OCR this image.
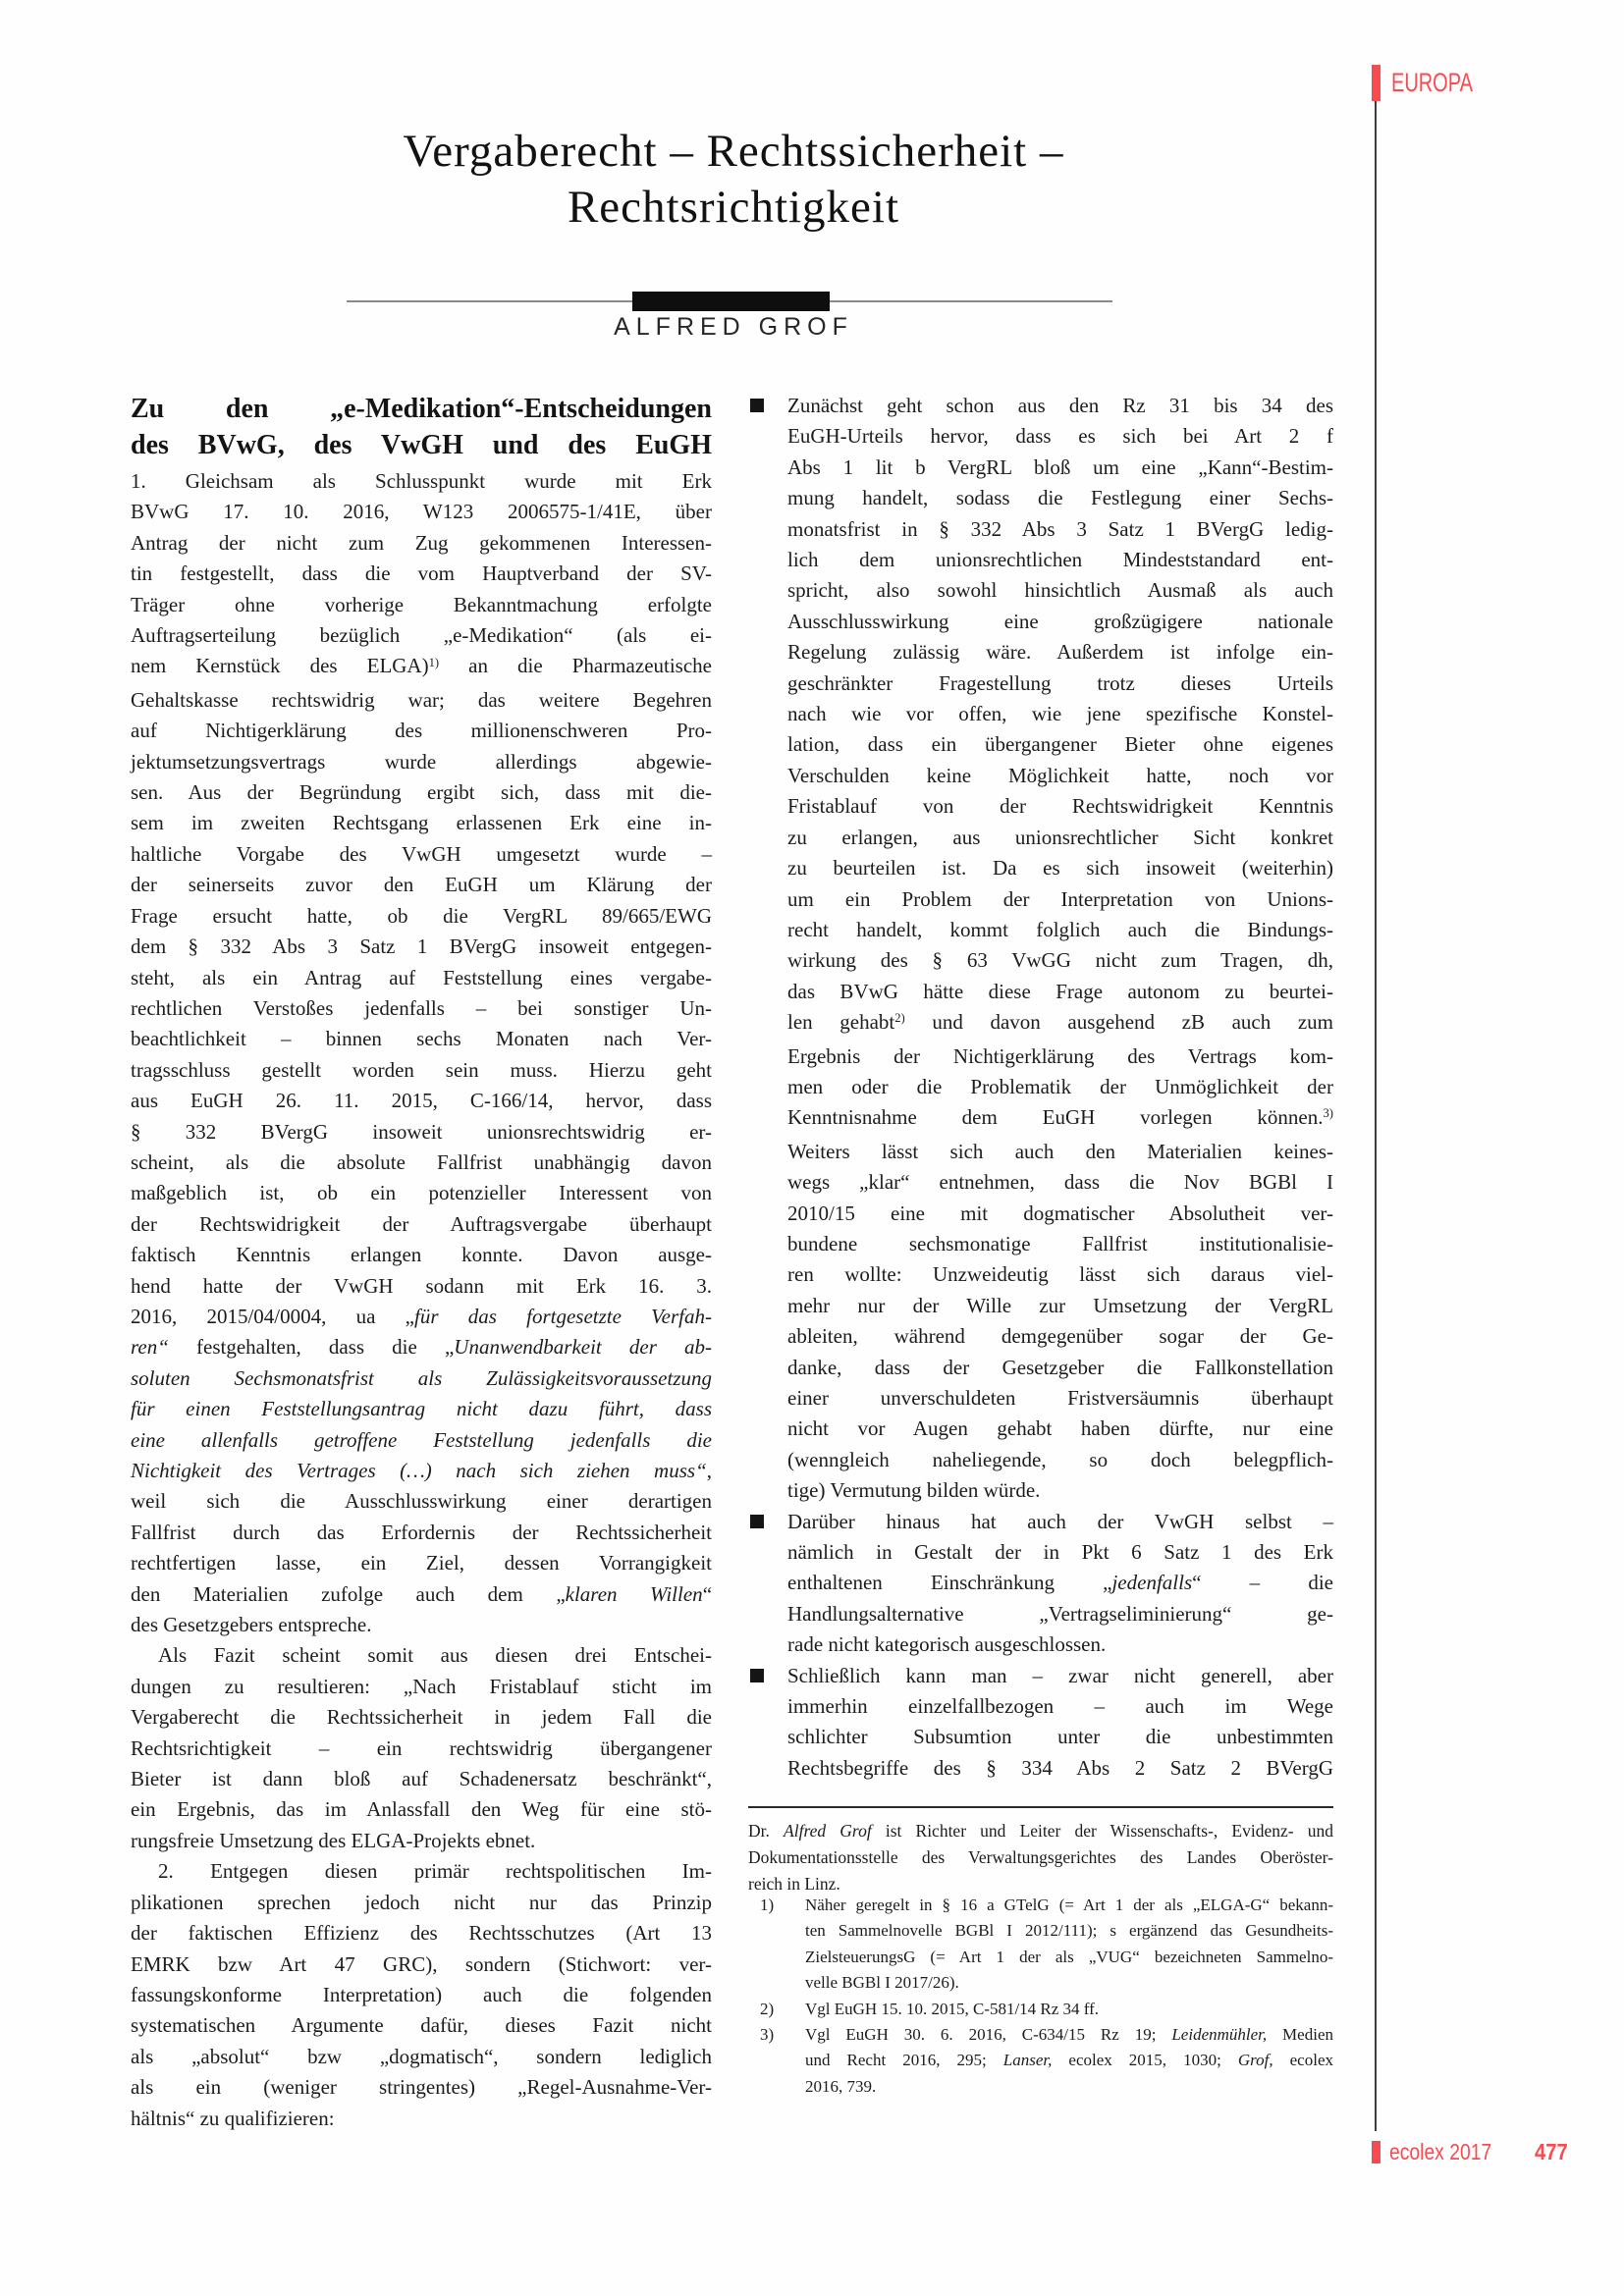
EUROPA
Vergaberecht – Rechtssicherheit –
Rechtsrichtigkeit
ALFRED GROF
Zu den „e-Medikation“-Entscheidungen
des BVwG, des VwGH und des EuGH
1. Gleichsam als Schlusspunkt wurde mit Erk
BVwG 17. 10. 2016, W123 2006575-1/41E, über
Antrag der nicht zum Zug gekommenen Interessen-
tin festgestellt, dass die vom Hauptverband der SV-
Träger ohne vorherige Bekanntmachung erfolgte
Auftragserteilung bezüglich „e-Medikation“ (als ei-
nem Kernstück des ELGA)$^{1)}$ an die Pharmazeutische
Gehaltskasse rechtswidrig war; das weitere Begehren
auf Nichtigerklärung des millionenschweren Pro-
jektumsetzungsvertrags wurde allerdings abgewie-
sen. Aus der Begründung ergibt sich, dass mit die-
sem im zweiten Rechtsgang erlassenen Erk eine in-
haltliche Vorgabe des VwGH umgesetzt wurde –
der seinerseits zuvor den EuGH um Klärung der
Frage ersucht hatte, ob die VergRL 89/665/EWG
dem § 332 Abs 3 Satz 1 BVergG insoweit entgegen-
steht, als ein Antrag auf Feststellung eines vergabe-
rechtlichen Verstoßes jedenfalls – bei sonstiger Un-
beachtlichkeit – binnen sechs Monaten nach Ver-
tragsschluss gestellt worden sein muss. Hierzu geht
aus EuGH 26. 11. 2015, C-166/14, hervor, dass
§ 332 BVergG insoweit unionsrechtswidrig er-
scheint, als die absolute Fallfrist unabhängig davon
maßgeblich ist, ob ein potenzieller Interessent von
der Rechtswidrigkeit der Auftragsvergabe überhaupt
faktisch Kenntnis erlangen konnte. Davon ausge-
hend hatte der VwGH sodann mit Erk 16. 3.
2016, 2015/04/0004, ua „für das fortgesetzte Verfah-
ren“ festgehalten, dass die „Unanwendbarkeit der ab-
soluten Sechsmonatsfrist als Zulässigkeitsvoraussetzung
für einen Feststellungsantrag nicht dazu führt, dass
eine allenfalls getroffene Feststellung jedenfalls die
Nichtigkeit des Vertrages (…) nach sich ziehen muss“,
weil sich die Ausschlusswirkung einer derartigen
Fallfrist durch das Erfordernis der Rechtssicherheit
rechtfertigen lasse, ein Ziel, dessen Vorrangigkeit
den Materialien zufolge auch dem „klaren Willen“
des Gesetzgebers entspreche.
Als Fazit scheint somit aus diesen drei Entschei-
dungen zu resultieren: „Nach Fristablauf sticht im
Vergaberecht die Rechtssicherheit in jedem Fall die
Rechtsrichtigkeit – ein rechtswidrig übergangener
Bieter ist dann bloß auf Schadenersatz beschränkt“,
ein Ergebnis, das im Anlassfall den Weg für eine stö-
rungsfreie Umsetzung des ELGA-Projekts ebnet.
2. Entgegen diesen primär rechtspolitischen Im-
plikationen sprechen jedoch nicht nur das Prinzip
der faktischen Effizienz des Rechtsschutzes (Art 13
EMRK bzw Art 47 GRC), sondern (Stichwort: ver-
fassungskonforme Interpretation) auch die folgenden
systematischen Argumente dafür, dieses Fazit nicht
als „absolut“ bzw „dogmatisch“, sondern lediglich
als ein (weniger stringentes) „Regel-Ausnahme-Ver-
hältnis“ zu qualifizieren:
Zunächst geht schon aus den Rz 31 bis 34 des
EuGH-Urteils hervor, dass es sich bei Art 2 f
Abs 1 lit b VergRL bloß um eine „Kann“-Bestim-
mung handelt, sodass die Festlegung einer Sechs-
monatsfrist in § 332 Abs 3 Satz 1 BVergG ledig-
lich dem unionsrechtlichen Mindeststandard ent-
spricht, also sowohl hinsichtlich Ausmaß als auch
Ausschlusswirkung eine großzügigere nationale
Regelung zulässig wäre. Außerdem ist infolge ein-
geschränkter Fragestellung trotz dieses Urteils
nach wie vor offen, wie jene spezifische Konstel-
lation, dass ein übergangener Bieter ohne eigenes
Verschulden keine Möglichkeit hatte, noch vor
Fristablauf von der Rechtswidrigkeit Kenntnis
zu erlangen, aus unionsrechtlicher Sicht konkret
zu beurteilen ist. Da es sich insoweit (weiterhin)
um ein Problem der Interpretation von Unions-
recht handelt, kommt folglich auch die Bindungs-
wirkung des § 63 VwGG nicht zum Tragen, dh,
das BVwG hätte diese Frage autonom zu beurtei-
len gehabt$^{2)}$ und davon ausgehend zB auch zum
Ergebnis der Nichtigerklärung des Vertrags kom-
men oder die Problematik der Unmöglichkeit der
Kenntnisnahme dem EuGH vorlegen können.$^{3)}$
Weiters lässt sich auch den Materialien keines-
wegs „klar“ entnehmen, dass die Nov BGBl I
2010/15 eine mit dogmatischer Absolutheit ver-
bundene sechsmonatige Fallfrist institutionalisie-
ren wollte: Unzweideutig lässt sich daraus viel-
mehr nur der Wille zur Umsetzung der VergRL
ableiten, während demgegenüber sogar der Ge-
danke, dass der Gesetzgeber die Fallkonstellation
einer unverschuldeten Fristversäumnis überhaupt
nicht vor Augen gehabt haben dürfte, nur eine
(wenngleich naheliegende, so doch belegpflich-
tige) Vermutung bilden würde.
Darüber hinaus hat auch der VwGH selbst –
nämlich in Gestalt der in Pkt 6 Satz 1 des Erk
enthaltenen Einschränkung „jedenfalls“ – die
Handlungsalternative „Vertragseliminierung“ ge-
rade nicht kategorisch ausgeschlossen.
Schließlich kann man – zwar nicht generell, aber
immerhin einzelfallbezogen – auch im Wege
schlichter Subsumtion unter die unbestimmten
Rechtsbegriffe des § 334 Abs 2 Satz 2 BVergG
Dr. Alfred Grof ist Richter und Leiter der Wissenschafts-, Evidenz- und
Dokumentationsstelle des Verwaltungsgerichtes des Landes Oberöster-
reich in Linz.
1)	Näher geregelt in § 16 a GTelG (= Art 1 der als „ELGA-G“ bekann-
ten Sammelnovelle BGBl I 2012/111); s ergänzend das Gesundheits-
ZielsteuerungsG (= Art 1 der als „VUG“ bezeichneten Sammelno-
velle BGBl I 2017/26).
2)	Vgl EuGH 15. 10. 2015, C-581/14 Rz 34 ff.
3)	Vgl EuGH 30. 6. 2016, C-634/15 Rz 19; Leidenmühler, Medien
und Recht 2016, 295; Lanser, ecolex 2015, 1030; Grof, ecolex
2016, 739.
ecolex 2017 477
